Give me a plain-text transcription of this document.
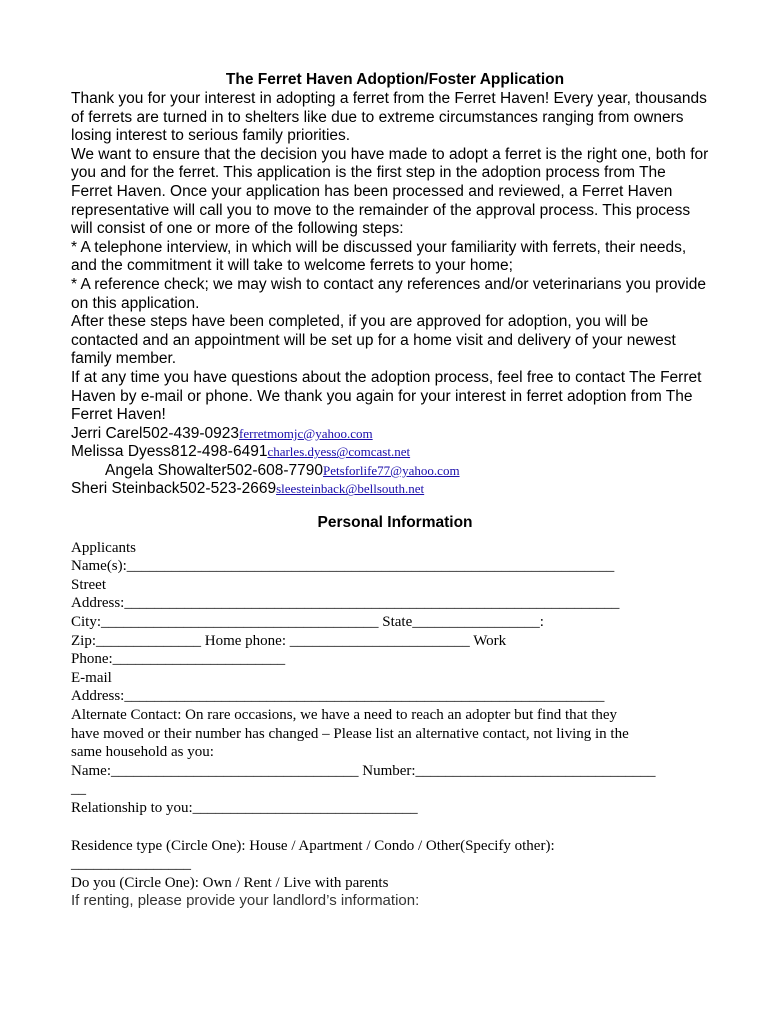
The Ferret Haven Adoption/Foster Application

Thank you for your interest in adopting a ferret from the Ferret Haven! Every year, thousands of ferrets are turned in to shelters like due to extreme circumstances ranging from owners losing interest to serious family priorities.

We want to ensure that the decision you have made to adopt a ferret is the right one, both for you and for the ferret. This application is the first step in the adoption process from The Ferret Haven. Once your application has been processed and reviewed, a Ferret Haven representative will call you to move to the remainder of the approval process. This process will consist of one or more of the following steps:

* A telephone interview, in which will be discussed your familiarity with ferrets, their needs, and the commitment it will take to welcome ferrets to your home;

* A reference check; we may wish to contact any references and/or veterinarians you provide on this application.

After these steps have been completed, if you are approved for adoption, you will be contacted and an appointment will be set up for a home visit and delivery of your newest family member.

If at any time you have questions about the adoption process, feel free to contact The Ferret Haven by e-mail or phone. We thank you again for your interest in ferret adoption from The Ferret Haven!

Jerri Carel502-439-0923ferretmomjc@yahoo.com

Melissa Dyess812-498-6491charles.dyess@comcast.net

Angela Showalter502-608-7790Petsforlife77@yahoo.com

Sheri Steinback502-523-2669sleesteinback@bellsouth.net

Personal Information

Applicants

Name(s):_________________________________________________________________

Street

Address:__________________________________________________________________

City:_____________________________________ State_________________:

Zip:______________ Home phone: ________________________ Work

Phone:_______________________

E-mail

Address:________________________________________________________________

Alternate Contact: On rare occasions, we have a need to reach an adopter but find that they

have moved or their number has changed – Please list an alternative contact, not living in the

same household as you:

Name:_________________________________ Number:________________________________

__

Relationship to you:______________________________

Residence type (Circle One): House / Apartment / Condo / Other(Specify other):

________________

Do you (Circle One): Own / Rent / Live with parents

If renting, please provide your landlord’s information:
